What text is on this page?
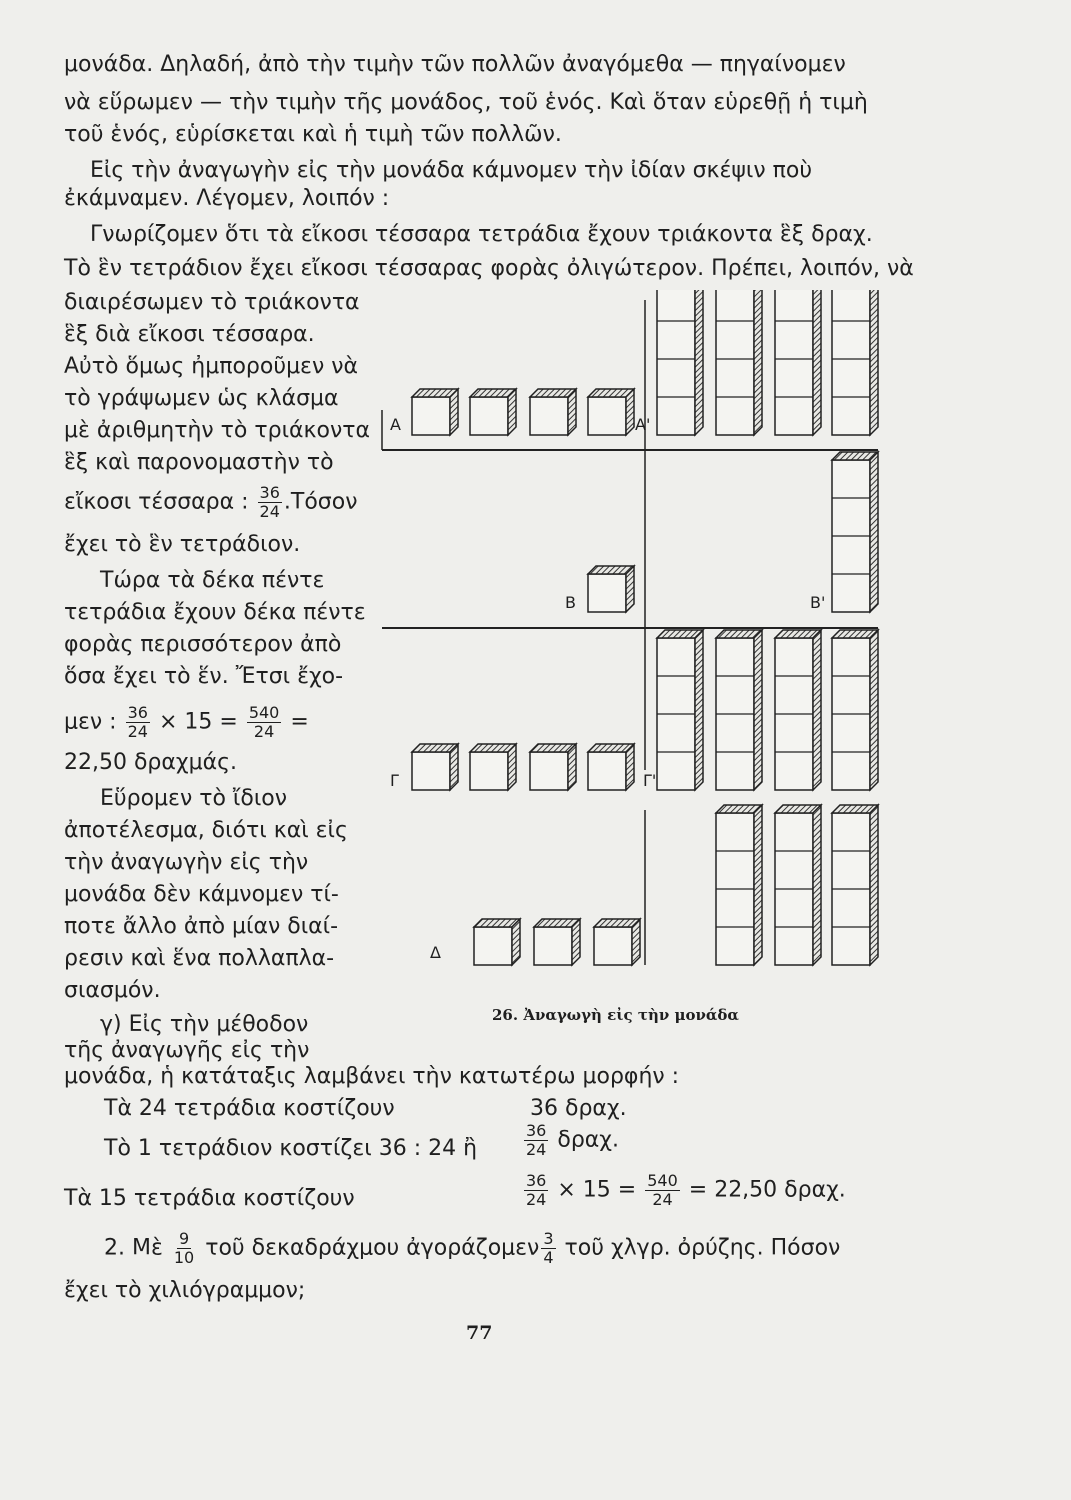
μονάδα. Δηλαδή, ἀπὸ τὴν τιμὴν τῶν πολλῶν ἀναγόμεθα — πηγαίνομεν
νὰ εὕρωμεν — τὴν τιμὴν τῆς μονάδος, τοῦ ἑνός. Καὶ ὅταν εὑρεθῇ ἡ τιμὴ
τοῦ ἑνός, εὑρίσκεται καὶ ἡ τιμὴ τῶν πολλῶν.
Εἰς τὴν ἀναγωγὴν εἰς τὴν μονάδα κάμνομεν τὴν ἰδίαν σκέψιν ποὺ
ἐκάμναμεν. Λέγομεν, λοιπόν :
Γνωρίζομεν ὅτι τὰ εἴκοσι τέσσαρα τετράδια ἔχουν τριάκοντα ἓξ δραχ.
Τὸ ἓν τετράδιον ἔχει εἴκοσι τέσσαρας φορὰς ὀλιγώτερον. Πρέπει, λοιπόν, νὰ
διαιρέσωμεν τὸ τριάκοντα
ἓξ διὰ εἴκοσι τέσσαρα.
Αὐτὸ ὅμως ἠμποροῦμεν νὰ
τὸ γράψωμεν ὡς κλάσμα
μὲ ἀριθμητὴν τὸ τριάκοντα
ἓξ καὶ παρονομαστὴν τὸ
εἴκοσι τέσσαρα : $\frac{36}{24} .Tό\sigma o\nu$
ἔχει τὸ ἓν τετράδιον.
Τώρα τὰ δέκα πέντε
τετράδια ἔχουν δέκα πέντε
φορὰς περισσότερον ἀπὸ
ὅσα ἔχει τὸ ἕν. Ἔτσι ἔχο-
μεν : $\frac{36}{24} \times 15 = \frac{540}{24}$ =
22,50 δραχμάς.
Εὕρομεν τὸ ἴδιον
ἀποτέλεσμα, διότι καὶ εἰς
τὴν ἀναγωγὴν εἰς τὴν
μονάδα δὲν κάμνομεν τί-
ποτε ἄλλο ἀπὸ μίαν διαί-
ρεσιν καὶ ἕνα πολλαπλα-
σιασμόν.
γ) Εἰς τὴν μέθοδον
τῆς ἀναγωγῆς εἰς τὴν
μονάδα, ἡ κατάταξις λαμβάνει τὴν κατωτέρω μορφήν :
Τὰ 24 τετράδια κοστίζουν	36 δραχ.
Τὸ 1 τετράδιον κοστίζει 36 : 24 ἢ	$\frac{36}{24} \delta\rho\alpha\chi$.
Τὰ 15 τετράδια κοστίζουν	$\frac{36}{24} \times 15 = \frac{540}{24} = 22,50$ δραχ.
2. Μὲ $\frac{9}{10}$ τοῦ δεκαδράχμου ἀγοράζομεν $\frac{3}{4}$ τοῦ χλγρ. ὀρύζης. Πόσον
ἔχει τὸ χιλιόγραμμον;
Α	Α'
Β	Β'
Γ	Γ'
Δ
26. Ἀναγωγὴ εἰς τὴν μονάδα
77
